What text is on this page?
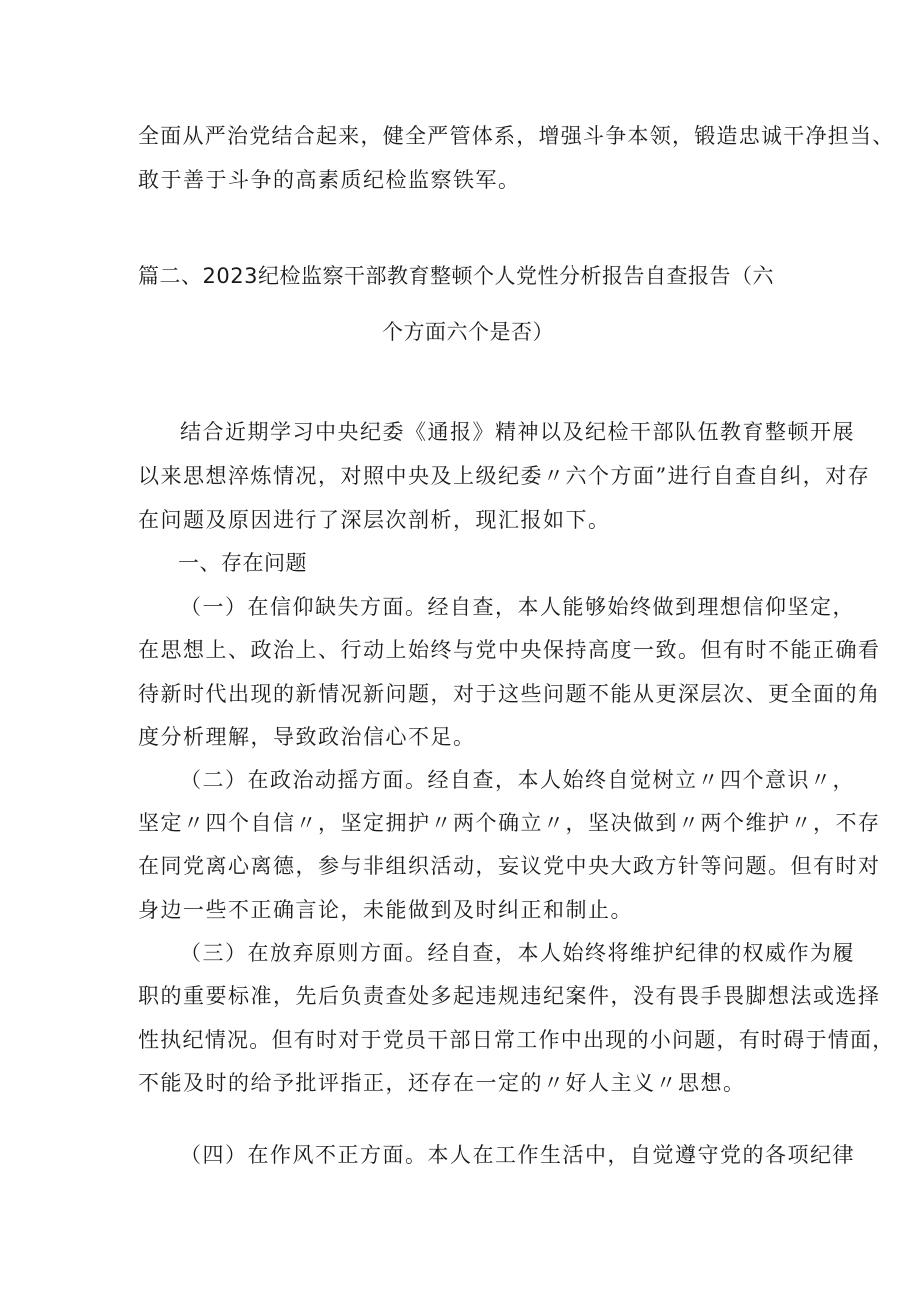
全面从严治党结合起来，健全严管体系，增强斗争本领，锻造忠诚干净担当、
敢于善于斗争的高素质纪检监察铁军。
篇二、2023纪检监察干部教育整顿个人党性分析报告自查报告（六
个方面六个是否）
结合近期学习中央纪委《通报》精神以及纪检干部队伍教育整顿开展
以来思想淬炼情况，对照中央及上级纪委〃六个方面”进行自查自纠，对存
在问题及原因进行了深层次剖析，现汇报如下。
一、存在问题
（一）在信仰缺失方面。经自查，本人能够始终做到理想信仰坚定，
在思想上、政治上、行动上始终与党中央保持高度一致。但有时不能正确看
待新时代出现的新情况新问题，对于这些问题不能从更深层次、更全面的角
度分析理解，导致政治信心不足。
（二）在政治动摇方面。经自查，本人始终自觉树立〃四个意识〃，
坚定〃四个自信〃，坚定拥护〃两个确立〃，坚决做到〃两个维护〃，不存
在同党离心离德，参与非组织活动，妄议党中央大政方针等问题。但有时对
身边一些不正确言论，未能做到及时纠正和制止。
（三）在放弃原则方面。经自查，本人始终将维护纪律的权威作为履
职的重要标准，先后负责查处多起违规违纪案件，没有畏手畏脚想法或选择
性执纪情况。但有时对于党员干部日常工作中出现的小问题，有时碍于情面，
不能及时的给予批评指正，还存在一定的〃好人主义〃思想。
（四）在作风不正方面。本人在工作生活中，自觉遵守党的各项纪律
